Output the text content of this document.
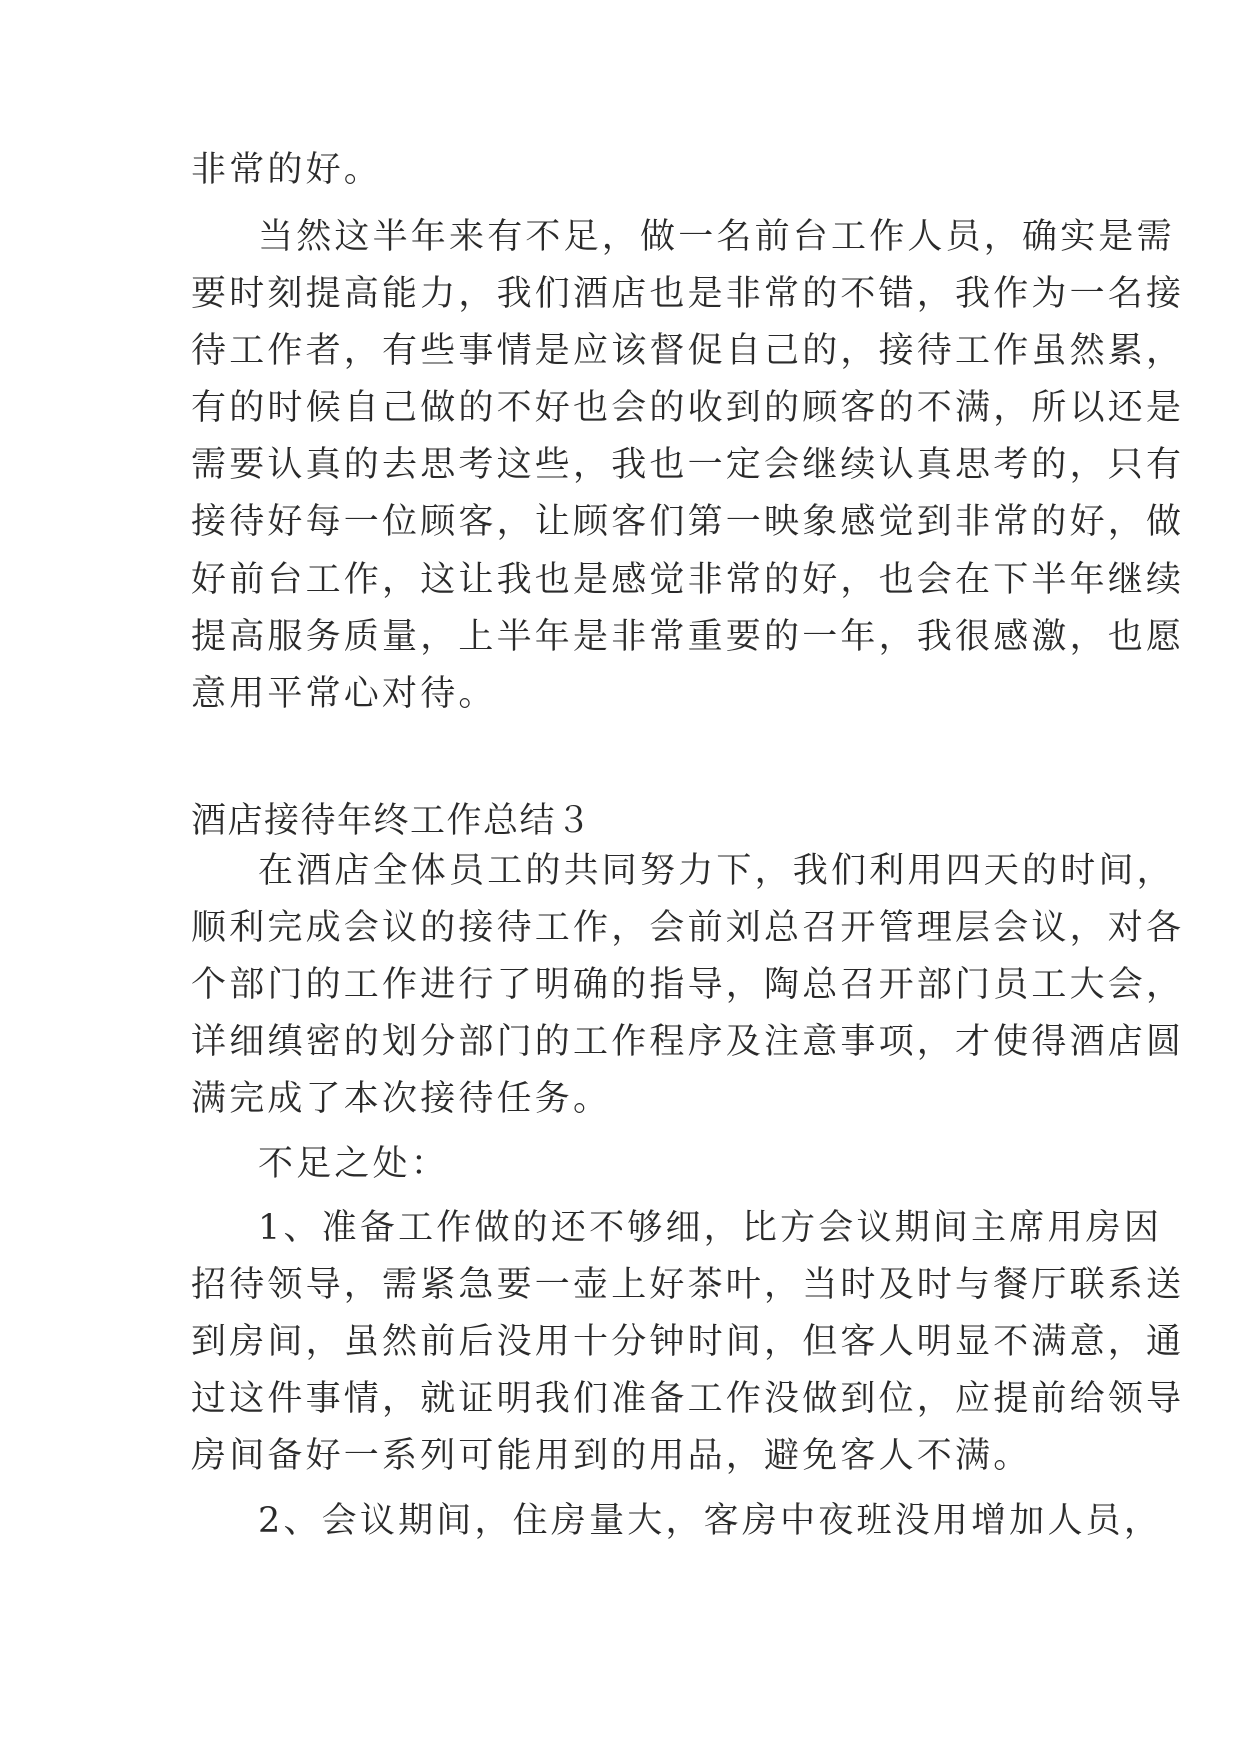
非常的好。
当然这半年来有不足，做一名前台工作人员，确实是需
要时刻提高能力，我们酒店也是非常的不错，我作为一名接
待工作者，有些事情是应该督促自己的，接待工作虽然累，
有的时候自己做的不好也会的收到的顾客的不满，所以还是
需要认真的去思考这些，我也一定会继续认真思考的，只有
接待好每一位顾客，让顾客们第一映象感觉到非常的好，做
好前台工作，这让我也是感觉非常的好，也会在下半年继续
提高服务质量，上半年是非常重要的一年，我很感激，也愿
意用平常心对待。
酒店接待年终工作总结３
在酒店全体员工的共同努力下，我们利用四天的时间，
顺利完成会议的接待工作，会前刘总召开管理层会议，对各
个部门的工作进行了明确的指导，陶总召开部门员工大会，
详细缜密的划分部门的工作程序及注意事项，才使得酒店圆
满完成了本次接待任务。
不足之处：
1、准备工作做的还不够细，比方会议期间主席用房因
招待领导，需紧急要一壶上好茶叶，当时及时与餐厅联系送
到房间，虽然前后没用十分钟时间，但客人明显不满意，通
过这件事情，就证明我们准备工作没做到位，应提前给领导
房间备好一系列可能用到的用品，避免客人不满。
2、会议期间，住房量大，客房中夜班没用增加人员，
